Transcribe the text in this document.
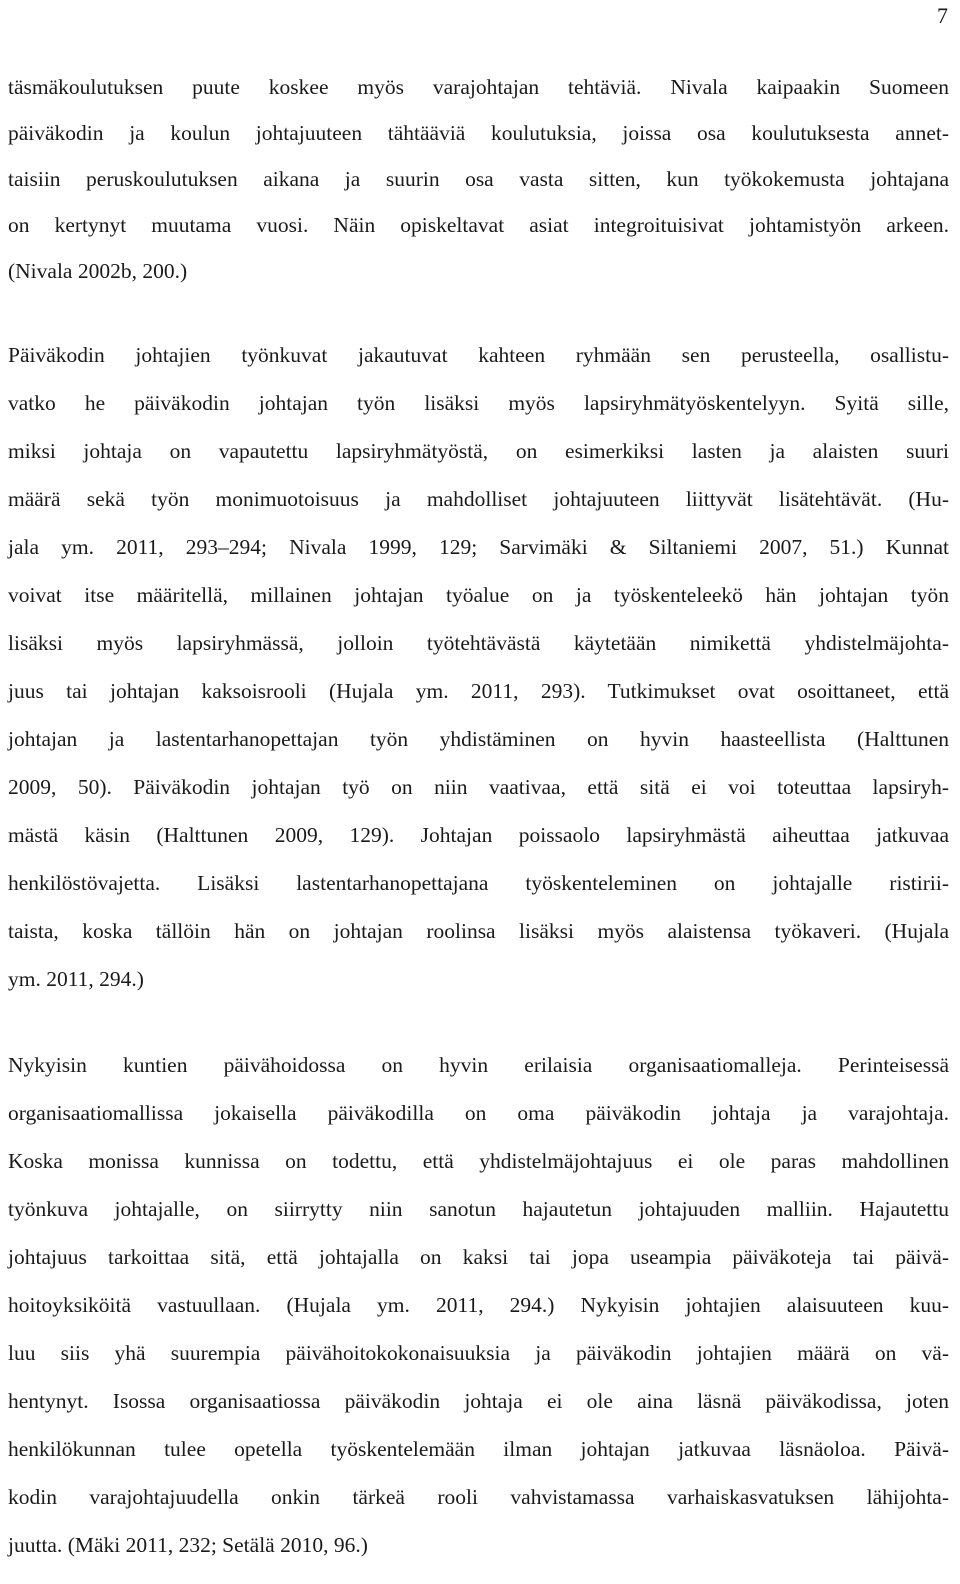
7
täsmäkoulutuksen puute koskee myös varajohtajan tehtäviä. Nivala kaipaakin Suomeen
päiväkodin ja koulun johtajuuteen tähtääviä koulutuksia, joissa osa koulutuksesta annet-
taisiin peruskoulutuksen aikana ja suurin osa vasta sitten, kun työkokemusta johtajana
on kertynyt muutama vuosi. Näin opiskeltavat asiat integroituisivat johtamistyön arkeen.
(Nivala 2002b, 200.)
Päiväkodin johtajien työnkuvat jakautuvat kahteen ryhmään sen perusteella, osallistu-
vatko he päiväkodin johtajan työn lisäksi myös lapsiryhmätyöskentelyyn. Syitä sille,
miksi johtaja on vapautettu lapsiryhmätyöstä, on esimerkiksi lasten ja alaisten suuri
määrä sekä työn monimuotoisuus ja mahdolliset johtajuuteen liittyvät lisätehtävät. (Hu-
jala ym. 2011, 293–294; Nivala 1999, 129; Sarvimäki & Siltaniemi 2007, 51.) Kunnat
voivat itse määritellä, millainen johtajan työalue on ja työskenteleekö hän johtajan työn
lisäksi myös lapsiryhmässä, jolloin työtehtävästä käytetään nimikettä yhdistelmäjohta-
juus tai johtajan kaksoisrooli (Hujala ym. 2011, 293). Tutkimukset ovat osoittaneet, että
johtajan ja lastentarhanopettajan työn yhdistäminen on hyvin haasteellista (Halttunen
2009, 50). Päiväkodin johtajan työ on niin vaativaa, että sitä ei voi toteuttaa lapsiryh-
mästä käsin (Halttunen 2009, 129). Johtajan poissaolo lapsiryhmästä aiheuttaa jatkuvaa
henkilöstövajetta. Lisäksi lastentarhanopettajana työskenteleminen on johtajalle ristirii-
taista, koska tällöin hän on johtajan roolinsa lisäksi myös alaistensa työkaveri. (Hujala
ym. 2011, 294.)
Nykyisin kuntien päivähoidossa on hyvin erilaisia organisaatiomalleja. Perinteisessä
organisaatiomallissa jokaisella päiväkodilla on oma päiväkodin johtaja ja varajohtaja.
Koska monissa kunnissa on todettu, että yhdistelmäjohtajuus ei ole paras mahdollinen
työnkuva johtajalle, on siirrytty niin sanotun hajautetun johtajuuden malliin. Hajautettu
johtajuus tarkoittaa sitä, että johtajalla on kaksi tai jopa useampia päiväkoteja tai päivä-
hoitoyksiköitä vastuullaan. (Hujala ym. 2011, 294.) Nykyisin johtajien alaisuuteen kuu-
luu siis yhä suurempia päivähoitokokonaisuuksia ja päiväkodin johtajien määrä on vä-
hentynyt. Isossa organisaatiossa päiväkodin johtaja ei ole aina läsnä päiväkodissa, joten
henkilökunnan tulee opetella työskentelemään ilman johtajan jatkuvaa läsnäoloa. Päivä-
kodin varajohtajuudella onkin tärkeä rooli vahvistamassa varhaiskasvatuksen lähijohta-
juutta. (Mäki 2011, 232; Setälä 2010, 96.)
